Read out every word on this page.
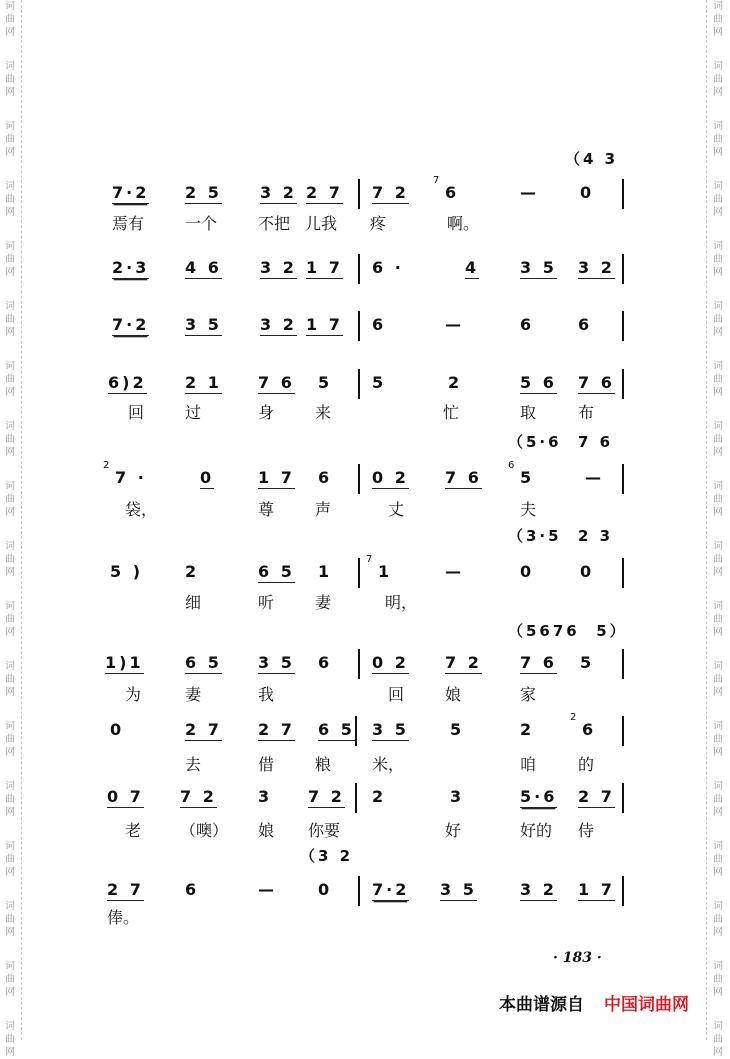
词
曲
网
词
曲
网
词
曲
网
词
曲
网
词
曲
网
词
曲
网
词
曲
网
词
曲
网
词
曲
网
词
曲
网
词
曲
网
词
曲
网
词
曲
网
词
曲
网
词
曲
网
词
曲
网
词
曲
网
词
曲
网
词
曲
网
词
曲
网
词
曲
网
词
曲
网
词
曲
网
词
曲
网
词
曲
网
词
曲
网
词
曲
网
词
曲
网
词
曲
网
词
曲
网
词
曲
网
词
曲
网
词
曲
网
词
曲
网
词
曲
网
词
曲
网
7·2 2 5 3 2 2 7 7 2 6
7
—	0
焉有	一个	不把 儿我 疼	啊。
2·3 4 6 3 2 1 7 6 ·	4	3 5 3 2
7·2 3 5 3 2 1 7 6	—	6	6
6)2 2 1 7 6 5 5	2	5 6 7 6
回	过	身	来	忙	取	布
7 ·
2
0	1 7 6 0 2 7 6 5
6
—
袋，	尊	声	丈	夫
5 )	2	6 5 1	1
7
—	0	0
细	听	妻	明，
1)1	6 5 3 5 6 0 2 7 2 7 6 5
为	妻	我	回	娘	家
0	2 7 2 7 6 5 3 5	5	2	6
2
去	借	粮	米，	咱	的
0 7 7 2	3 7 2 2	3	5·6 2 7
老 （噢） 娘 你要	好	好的 侍
2 7	6	—	0 7·2 3 5	3 2 1 7
俸。
（4 3
（5·6  7 6
（3·5  2 3
（5676  5）
（3 2
· 183 ·
本曲谱源自 中国词曲网
